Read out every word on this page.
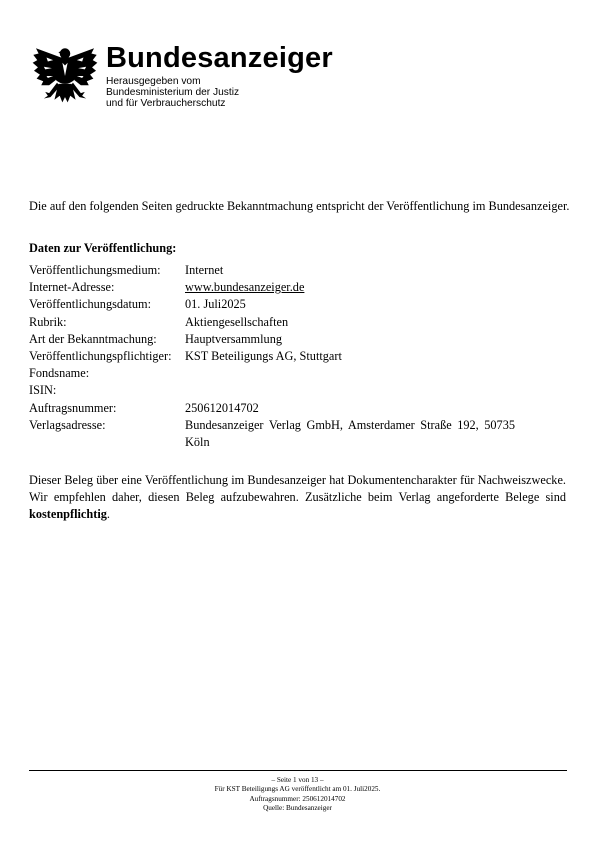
Bundesanzeiger
Herausgegeben vom
Bundesministerium der Justiz
und für Verbraucherschutz
Die auf den folgenden Seiten gedruckte Bekanntmachung entspricht der Veröffentlichung im Bundesanzeiger.
Daten zur Veröffentlichung:
Veröffentlichungsmedium: Internet
Internet-Adresse:	www.bundesanzeiger.de
Veröffentlichungsdatum:	01. Juli2025
Rubrik:	Aktiengesellschaften
Art der Bekanntmachung: Hauptversammlung
Veröffentlichungspflichtiger: KST Beteiligungs AG, Stuttgart
Fondsname:
ISIN:
Auftragsnummer:	250612014702
Verlagsadresse:	Bundesanzeiger Verlag GmbH, Amsterdamer Straße 192, 50735 Köln
Dieser Beleg über eine Veröffentlichung im Bundesanzeiger hat Dokumentencharakter für Nachweiszwecke. Wir empfehlen daher, diesen Beleg aufzubewahren. Zusätzliche beim Verlag angeforderte Belege sind kostenpflichtig.
– Seite 1 von 13 –
Für KST Beteiligungs AG veröffentlicht am 01. Juli2025.
Auftragsnummer: 250612014702
Quelle: Bundesanzeiger
